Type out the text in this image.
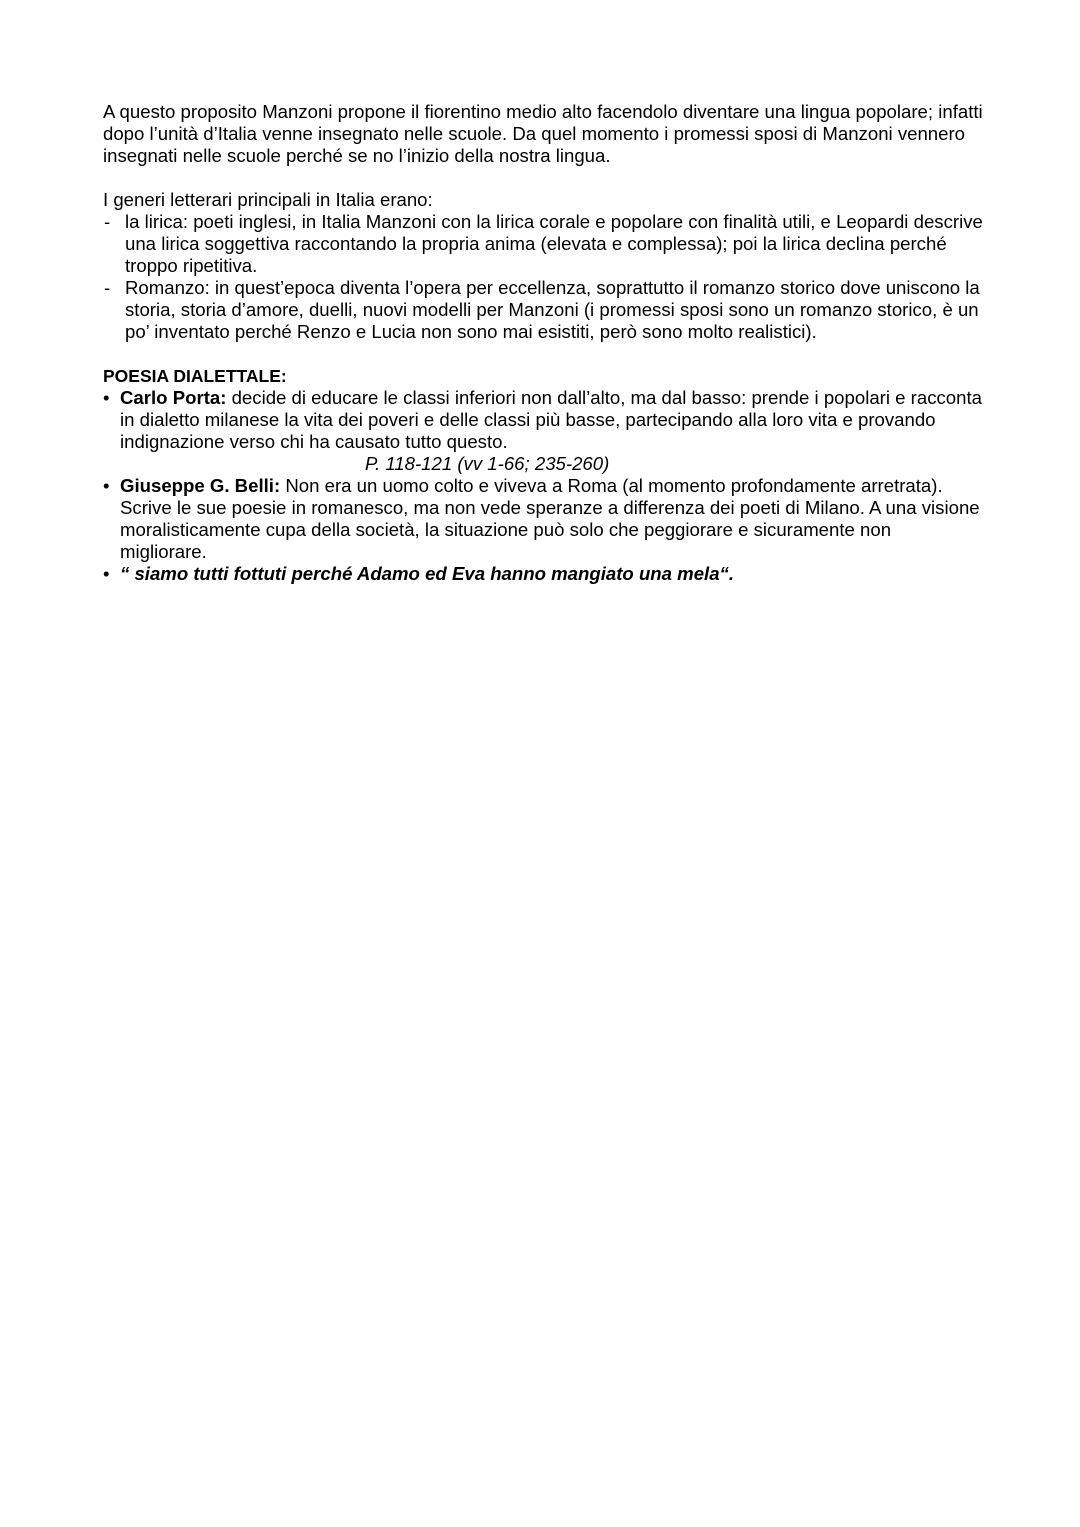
A questo proposito Manzoni propone il fiorentino medio alto facendolo diventare una lingua popolare; infatti dopo l’unità d’Italia venne insegnato nelle scuole. Da quel momento i promessi sposi di Manzoni vennero insegnati nelle scuole perché se no l’inizio della nostra lingua.

I generi letterari principali in Italia erano:

- la lirica: poeti inglesi, in Italia Manzoni con la lirica corale e popolare con finalità utili, e Leopardi descrive una lirica soggettiva raccontando la propria anima (elevata e complessa); poi la lirica declina perché troppo ripetitiva.
- Romanzo: in quest’epoca diventa l’opera per eccellenza, soprattutto il romanzo storico dove uniscono la storia, storia d’amore, duelli, nuovi modelli per Manzoni (i promessi sposi sono un romanzo storico, è un po’ inventato perché Renzo e Lucia non sono mai esistiti, però sono molto realistici).

POESIA DIALETTALE:

• Carlo Porta: decide di educare le classi inferiori non dall’alto, ma dal basso: prende i popolari e racconta in dialetto milanese la vita dei poveri e delle classi più basse, partecipando alla loro vita e provando indignazione verso chi ha causato tutto questo.
P. 118-121 (vv 1-66; 235-260)
• Giuseppe G. Belli: Non era un uomo colto e viveva a Roma (al momento profondamente arretrata). Scrive le sue poesie in romanesco, ma non vede speranze a differenza dei poeti di Milano. A una visione moralisticamente cupa della società, la situazione può solo che peggiorare e sicuramente non migliorare.
• “ siamo tutti fottuti perché Adamo ed Eva hanno mangiato una mela“.
